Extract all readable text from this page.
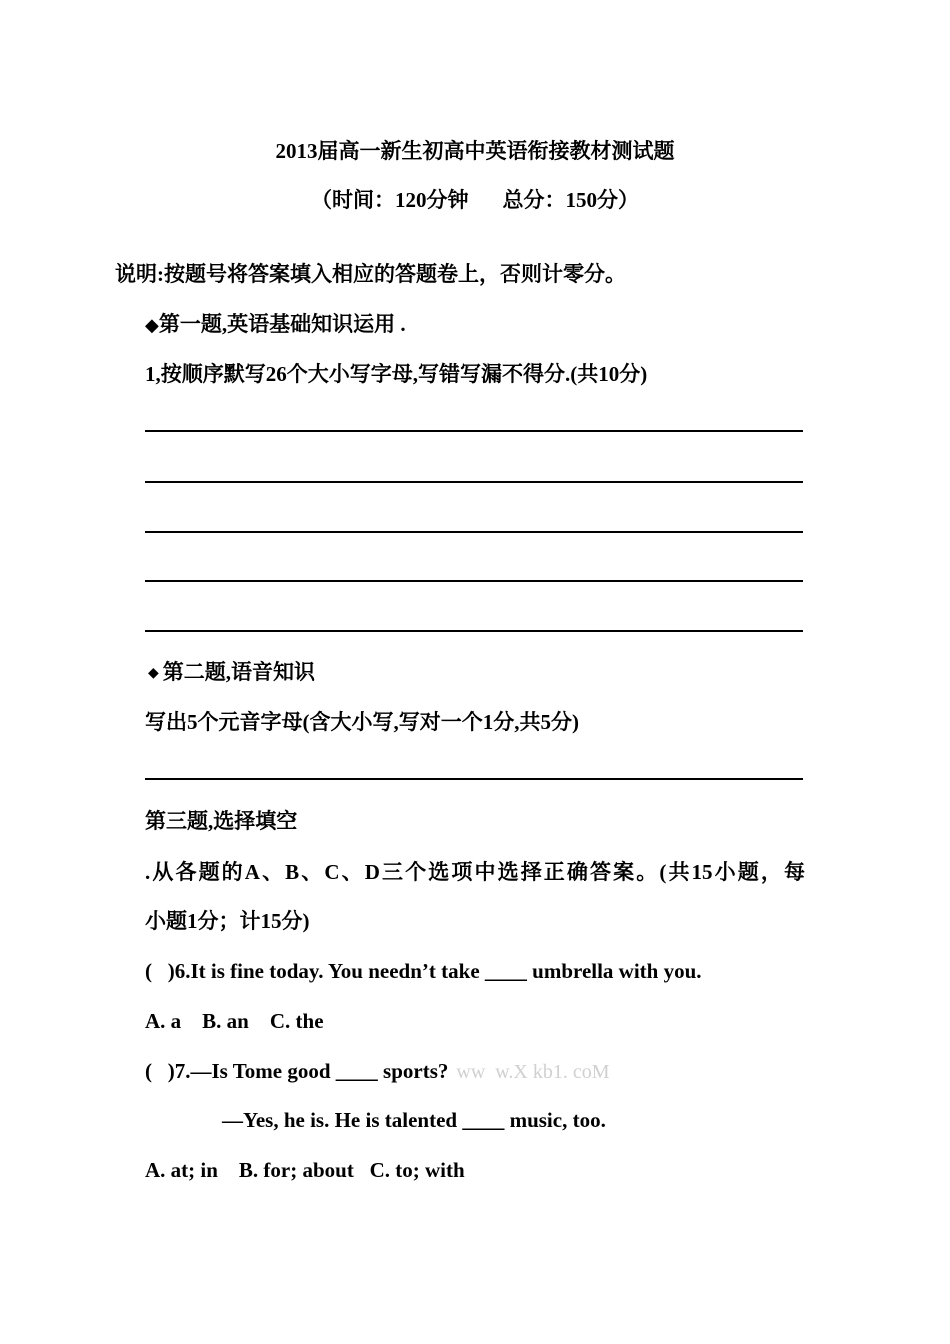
2013届高一新生初高中英语衔接教材测试题
（时间：120分钟 总分：150分）
说明:按题号将答案填入相应的答题卷上，否则计零分。
◆第一题,英语基础知识运用 .
1,按顺序默写26个大小写字母,写错写漏不得分.(共10分)
◆ 第二题,语音知识
写出5个元音字母(含大小写,写对一个1分,共5分)
第三题,选择填空
.从各题的A、B、C、D三个选项中选择正确答案。(共15小题，每
小题1分；计15分)
(   )6.It is fine today. You needn’t take ____ umbrella with you.
A. a    B. an    C. the
(   )7.—Is Tome good ____ sports? ww  w.X kb1. coM
—Yes, he is. He is talented ____ music, too.
A. at; in    B. for; about   C. to; with
